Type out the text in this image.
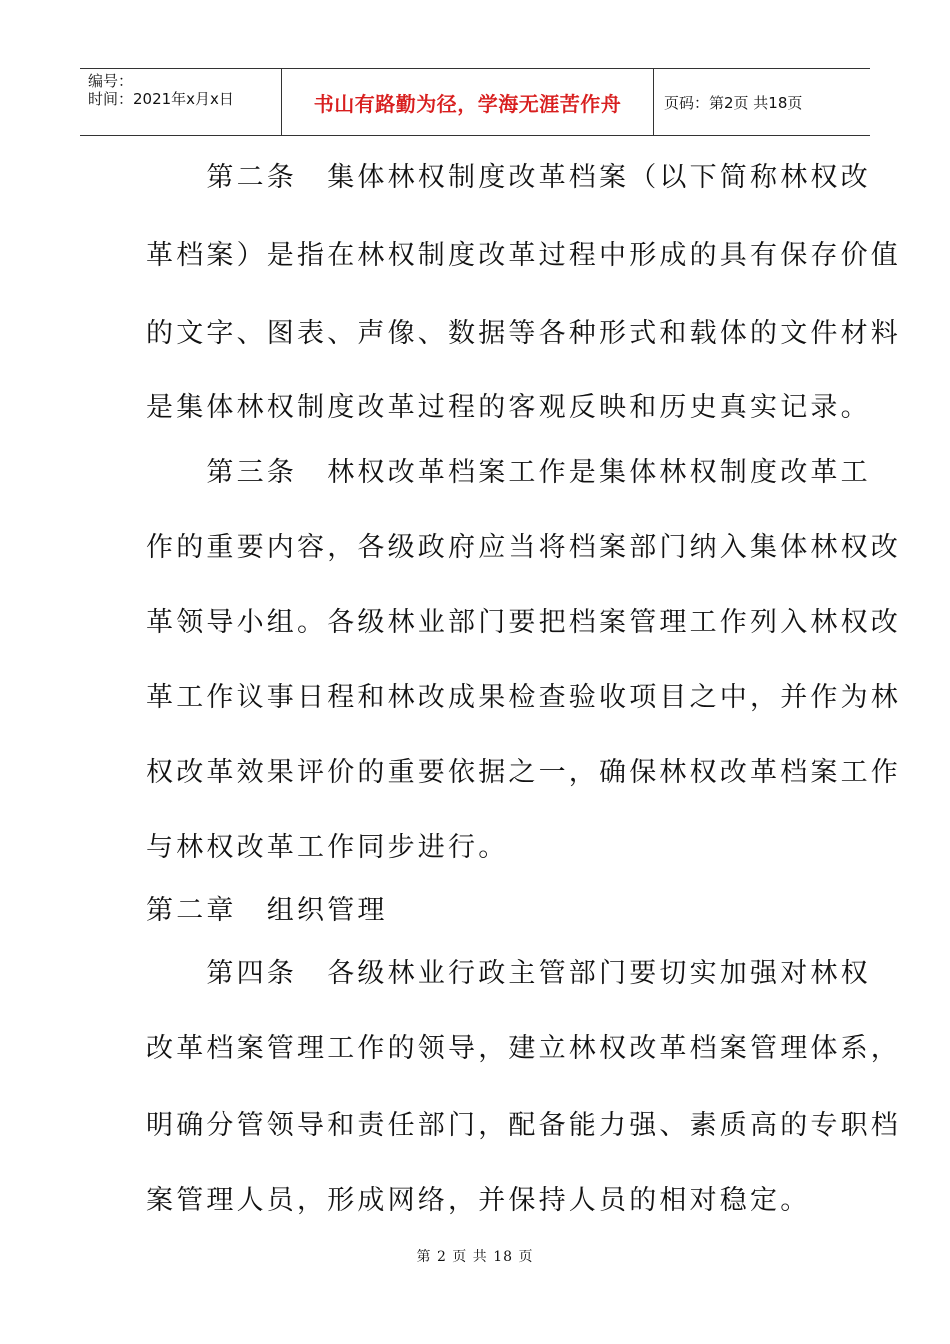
编号：
时间：2021年x月x日	书山有路勤为径，学海无涯苦作舟	页码：第2页 共18页
　　第二条　集体林权制度改革档案（以下简称林权改
革档案）是指在林权制度改革过程中形成的具有保存价值
的文字、图表、声像、数据等各种形式和载体的文件材料
是集体林权制度改革过程的客观反映和历史真实记录。
　　第三条　林权改革档案工作是集体林权制度改革工
作的重要内容，各级政府应当将档案部门纳入集体林权改
革领导小组。各级林业部门要把档案管理工作列入林权改
革工作议事日程和林改成果检查验收项目之中，并作为林
权改革效果评价的重要依据之一，确保林权改革档案工作
与林权改革工作同步进行。
第二章　组织管理
　　第四条　各级林业行政主管部门要切实加强对林权
改革档案管理工作的领导，建立林权改革档案管理体系，
明确分管领导和责任部门，配备能力强、素质高的专职档
案管理人员，形成网络，并保持人员的相对稳定。
第 2 页 共 18 页
